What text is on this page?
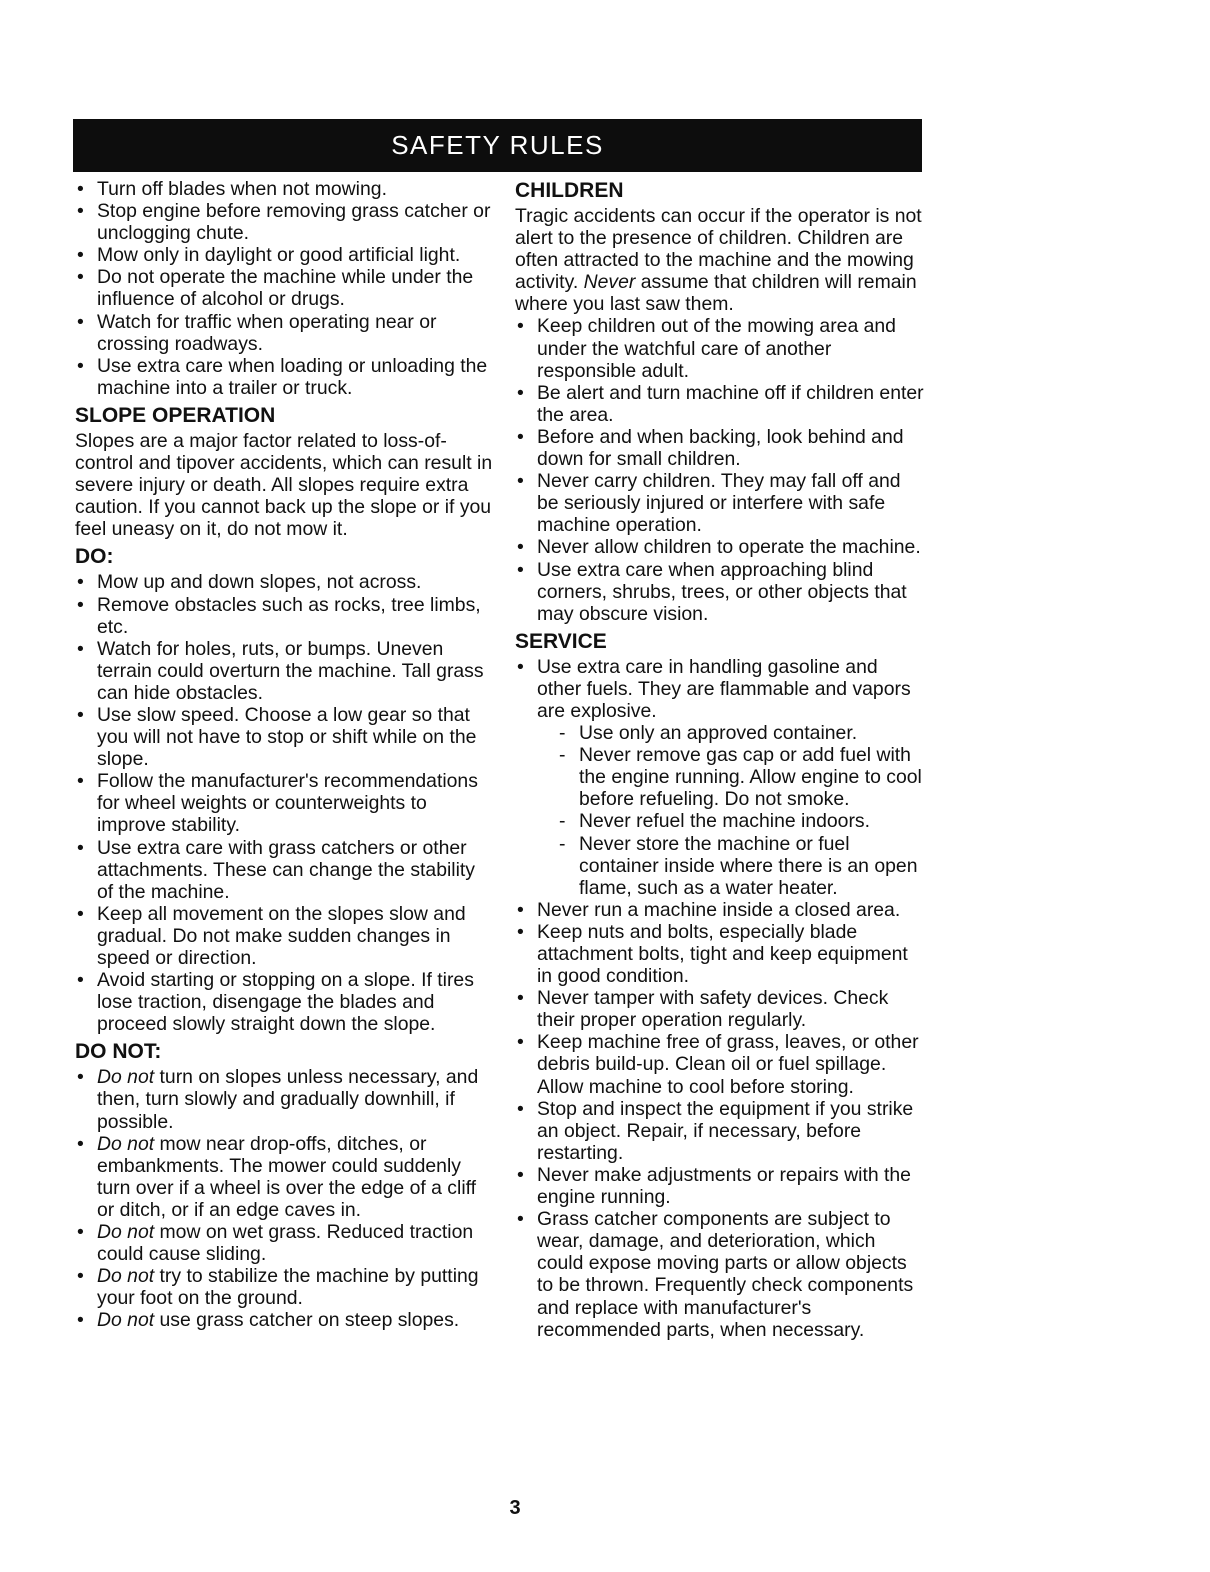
SAFETY RULES
• Turn off blades when not mowing.
• Stop engine before removing grass catcher or unclogging chute.
• Mow only in daylight or good artificial light.
• Do not operate the machine while under the influence of alcohol or drugs.
• Watch for traffic when operating near or crossing roadways.
• Use extra care when loading or unloading the machine into a trailer or truck.
SLOPE OPERATION

Slopes are a major factor related to loss-of-control and tipover accidents, which can result in severe injury or death. All slopes require extra caution. If you cannot back up the slope or if you feel uneasy on it, do not mow it.

DO:
• Mow up and down slopes, not across.
• Remove obstacles such as rocks, tree limbs, etc.
• Watch for holes, ruts, or bumps. Uneven terrain could overturn the machine. Tall grass can hide obstacles.
• Use slow speed. Choose a low gear so that you will not have to stop or shift while on the slope.
• Follow the manufacturer's recommendations for wheel weights or counterweights to improve stability.
• Use extra care with grass catchers or other attachments. These can change the stability of the machine.
• Keep all movement on the slopes slow and gradual. Do not make sudden changes in speed or direction.
• Avoid starting or stopping on a slope. If tires lose traction, disengage the blades and proceed slowly straight down the slope.
DO NOT:
• Do not turn on slopes unless necessary, and then, turn slowly and gradually downhill, if possible.
• Do not mow near drop-offs, ditches, or embankments. The mower could suddenly turn over if a wheel is over the edge of a cliff or ditch, or if an edge caves in.
• Do not mow on wet grass. Reduced traction could cause sliding.
• Do not try to stabilize the machine by putting your foot on the ground.
• Do not use grass catcher on steep slopes.
CHILDREN

Tragic accidents can occur if the operator is not alert to the presence of children. Children are often attracted to the machine and the mowing activity. Never assume that children will remain where you last saw them.

• Keep children out of the mowing area and under the watchful care of another responsible adult.
• Be alert and turn machine off if children enter the area.
• Before and when backing, look behind and down for small children.
• Never carry children. They may fall off and be seriously injured or interfere with safe machine operation.
• Never allow children to operate the machine.
• Use extra care when approaching blind corners, shrubs, trees, or other objects that may obscure vision.
SERVICE
• Use extra care in handling gasoline and other fuels. They are flammable and vapors are explosive.
- Use only an approved container.
- Never remove gas cap or add fuel with the engine running. Allow engine to cool before refueling. Do not smoke.
- Never refuel the machine indoors.
- Never store the machine or fuel container inside where there is an open flame, such as a water heater.
• Never run a machine inside a closed area.
• Keep nuts and bolts, especially blade attachment bolts, tight and keep equipment in good condition.
• Never tamper with safety devices. Check their proper operation regularly.
• Keep machine free of grass, leaves, or other debris build-up. Clean oil or fuel spillage. Allow machine to cool before storing.
• Stop and inspect the equipment if you strike an object. Repair, if necessary, before restarting.
• Never make adjustments or repairs with the engine running.
• Grass catcher components are subject to wear, damage, and deterioration, which could expose moving parts or allow objects to be thrown. Frequently check components and replace with manufacturer's recommended parts, when necessary.
3
